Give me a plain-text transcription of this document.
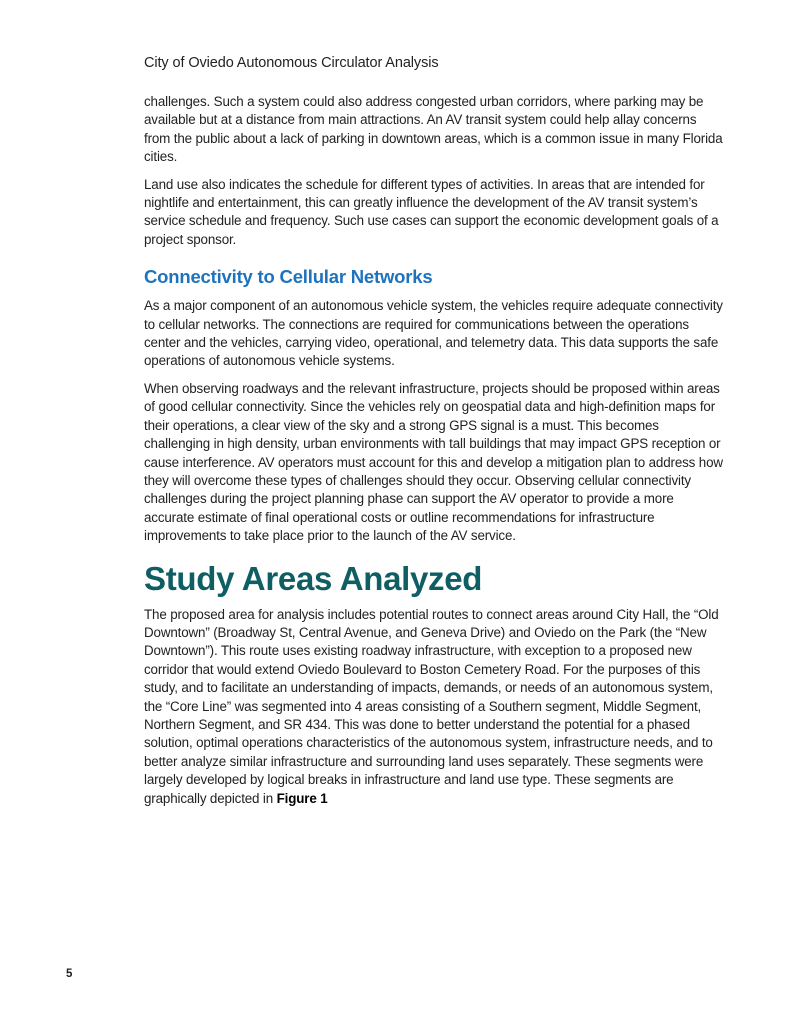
City of Oviedo Autonomous Circulator Analysis

challenges. Such a system could also address congested urban corridors, where parking may be available but at a distance from main attractions. An AV transit system could help allay concerns from the public about a lack of parking in downtown areas, which is a common issue in many Florida cities.

Land use also indicates the schedule for different types of activities. In areas that are intended for nightlife and entertainment, this can greatly influence the development of the AV transit system’s service schedule and frequency. Such use cases can support the economic development goals of a project sponsor.

Connectivity to Cellular Networks

As a major component of an autonomous vehicle system, the vehicles require adequate connectivity to cellular networks. The connections are required for communications between the operations center and the vehicles, carrying video, operational, and telemetry data. This data supports the safe operations of autonomous vehicle systems.

When observing roadways and the relevant infrastructure, projects should be proposed within areas of good cellular connectivity. Since the vehicles rely on geospatial data and high-definition maps for their operations, a clear view of the sky and a strong GPS signal is a must. This becomes challenging in high density, urban environments with tall buildings that may impact GPS reception or cause interference. AV operators must account for this and develop a mitigation plan to address how they will overcome these types of challenges should they occur. Observing cellular connectivity challenges during the project planning phase can support the AV operator to provide a more accurate estimate of final operational costs or outline recommendations for infrastructure improvements to take place prior to the launch of the AV service.

Study Areas Analyzed

The proposed area for analysis includes potential routes to connect areas around City Hall, the “Old Downtown” (Broadway St, Central Avenue, and Geneva Drive) and Oviedo on the Park (the “New Downtown”). This route uses existing roadway infrastructure, with exception to a proposed new corridor that would extend Oviedo Boulevard to Boston Cemetery Road. For the purposes of this study, and to facilitate an understanding of impacts, demands, or needs of an autonomous system, the “Core Line” was segmented into 4 areas consisting of a Southern segment, Middle Segment, Northern Segment, and SR 434. This was done to better understand the potential for a phased solution, optimal operations characteristics of the autonomous system, infrastructure needs, and to better analyze similar infrastructure and surrounding land uses separately. These segments were largely developed by logical breaks in infrastructure and land use type. These segments are graphically depicted in Figure 1

5
